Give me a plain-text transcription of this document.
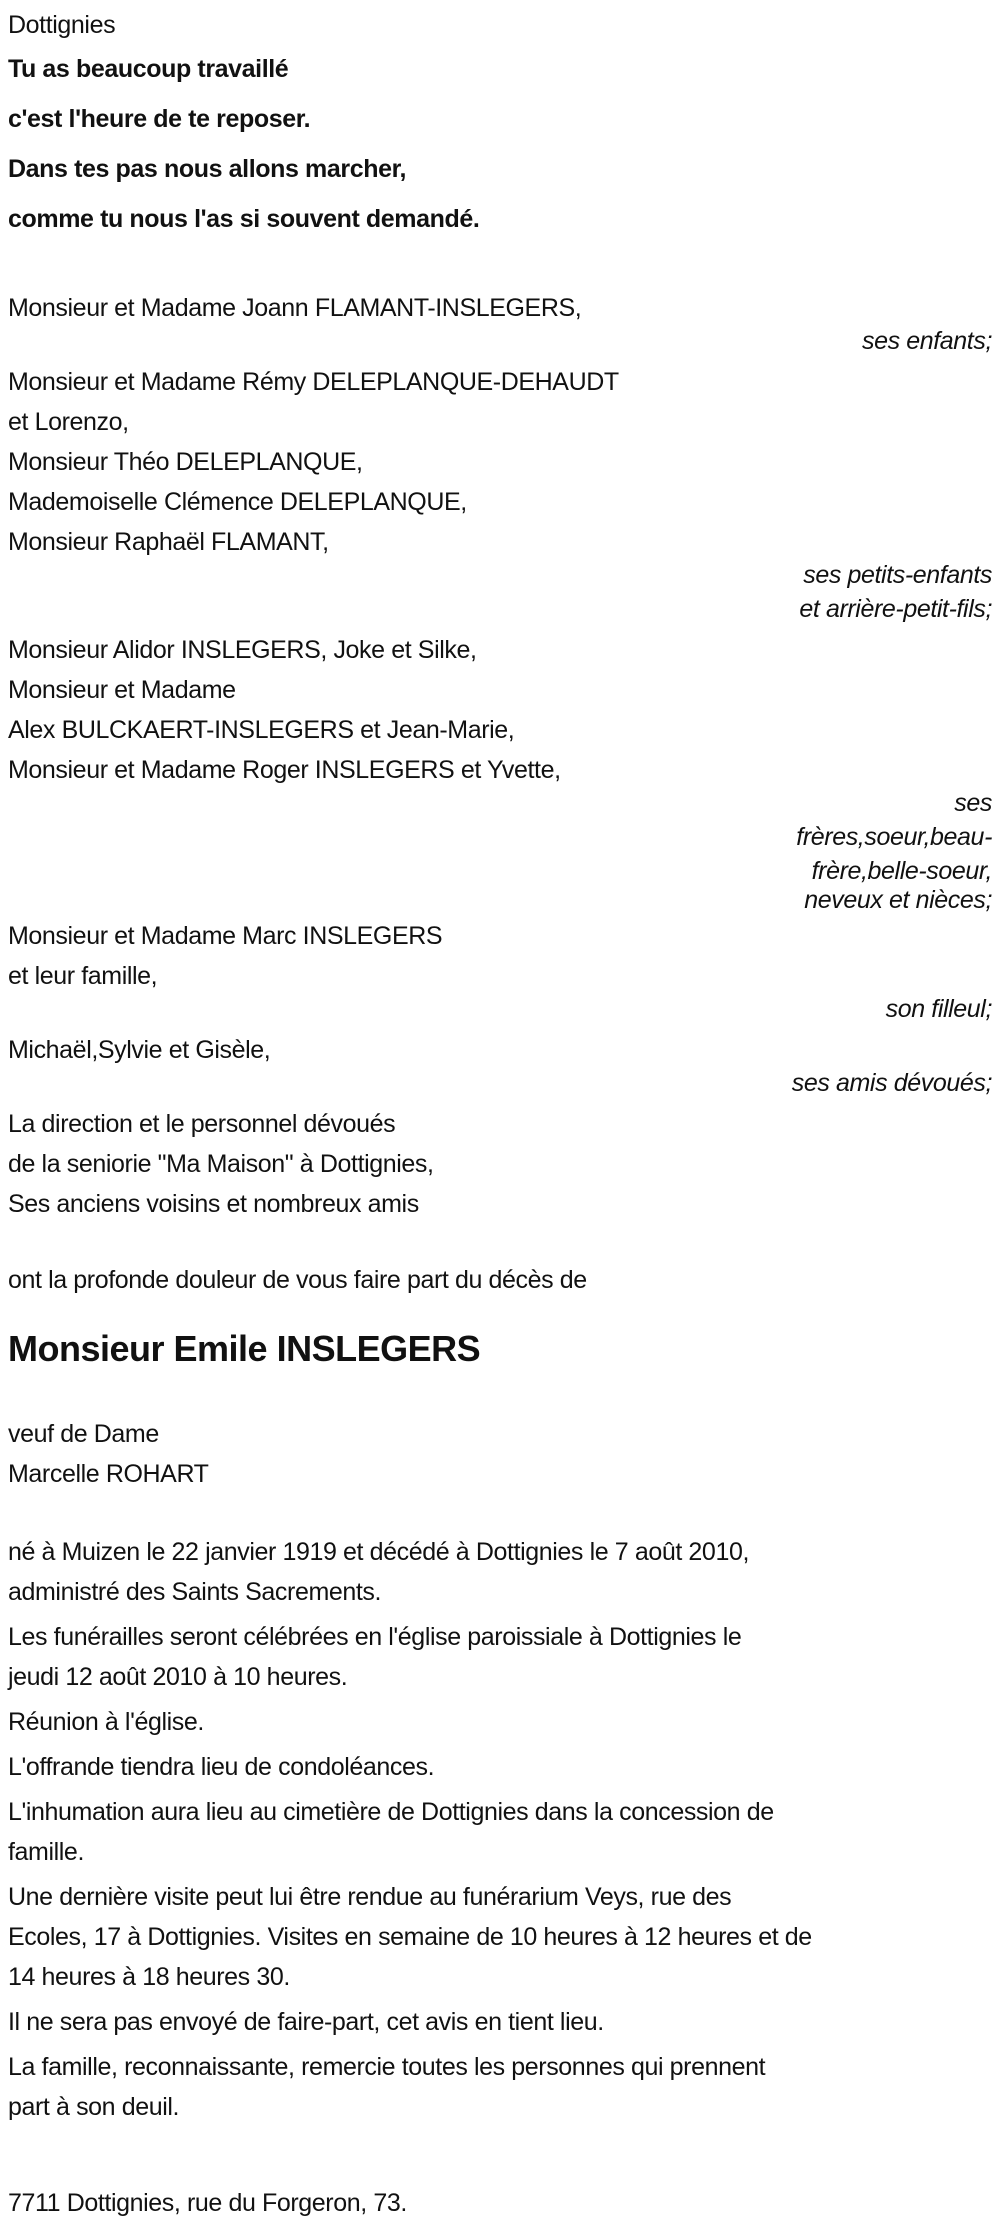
Dottignies
Tu as beaucoup travaillé
c'est l'heure de te reposer.
Dans tes pas nous allons marcher,
comme tu nous l'as si souvent demandé.
Monsieur et Madame Joann FLAMANT-INSLEGERS,
ses enfants;
Monsieur et Madame Rémy DELEPLANQUE-DEHAUDT
et Lorenzo,
Monsieur Théo DELEPLANQUE,
Mademoiselle Clémence DELEPLANQUE,
Monsieur Raphaël FLAMANT,
ses petits-enfants
et arrière-petit-fils;
Monsieur Alidor INSLEGERS, Joke et Silke,
Monsieur et Madame
Alex BULCKAERT-INSLEGERS et Jean-Marie,
Monsieur et Madame Roger INSLEGERS et Yvette,
ses
frères,soeur,beau-
frère,belle-soeur,
neveux et nièces;
Monsieur et Madame Marc INSLEGERS
et leur famille,
son filleul;
Michaël,Sylvie et Gisèle,
ses amis dévoués;
La direction et le personnel dévoués
de la seniorie "Ma Maison" à Dottignies,
Ses anciens voisins et nombreux amis
ont la profonde douleur de vous faire part du décès de
Monsieur Emile INSLEGERS
veuf de Dame
Marcelle ROHART
né à Muizen le 22 janvier 1919 et décédé à Dottignies le 7 août 2010,
administré des Saints Sacrements.
Les funérailles seront célébrées en l'église paroissiale à Dottignies le
jeudi 12 août 2010 à 10 heures.
Réunion à l'église.
L'offrande tiendra lieu de condoléances.
L'inhumation aura lieu au cimetière de Dottignies dans la concession de
famille.
Une dernière visite peut lui être rendue au funérarium Veys, rue des
Ecoles, 17 à Dottignies. Visites en semaine de 10 heures à 12 heures et de
14 heures à 18 heures 30.
Il ne sera pas envoyé de faire-part, cet avis en tient lieu.
La famille, reconnaissante, remercie toutes les personnes qui prennent
part à son deuil.
7711 Dottignies, rue du Forgeron, 73.
